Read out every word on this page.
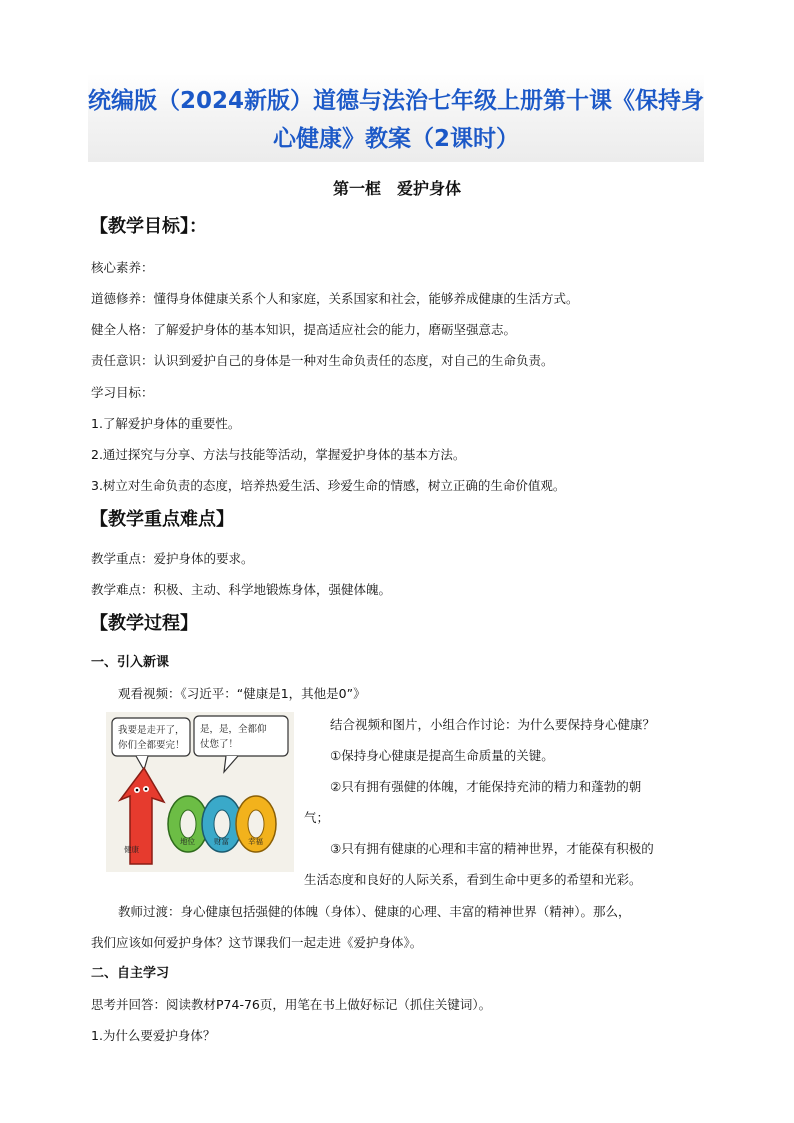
统编版（2024新版）道德与法治七年级上册第十课《保持身心健康》教案（2课时）
第一框　爱护身体
【教学目标】：
核心素养：
道德修养：懂得身体健康关系个人和家庭，关系国家和社会，能够养成健康的生活方式。
健全人格：了解爱护身体的基本知识，提高适应社会的能力，磨砺坚强意志。
责任意识：认识到爱护自己的身体是一种对生命负责任的态度，对自己的生命负责。
学习目标：
1.了解爱护身体的重要性。
2.通过探究与分享、方法与技能等活动，掌握爱护身体的基本方法。
3.树立对生命负责的态度，培养热爱生活、珍爱生命的情感，树立正确的生命价值观。
【教学重点难点】
教学重点：爱护身体的要求。
教学难点：积极、主动、科学地锻炼身体，强健体魄。
【教学过程】
一、引入新课
观看视频：《习近平：“健康是1，其他是0”》
我要是走开了，
你们全都要完！
是，是，全都仰
仗您了！
健康
地位	财富	幸福
结合视频和图片，小组合作讨论：为什么要保持身心健康？
①保持身心健康是提高生命质量的关键。
②只有拥有强健的体魄，才能保持充沛的精力和蓬勃的朝
气；
③只有拥有健康的心理和丰富的精神世界，才能葆有积极的
生活态度和良好的人际关系，看到生命中更多的希望和光彩。
教师过渡：身心健康包括强健的体魄（身体）、健康的心理、丰富的精神世界（精神）。那么，
我们应该如何爱护身体？这节课我们一起走进《爱护身体》。
二、自主学习
思考并回答：阅读教材P74-76页，用笔在书上做好标记（抓住关键词）。
1.为什么要爱护身体？
